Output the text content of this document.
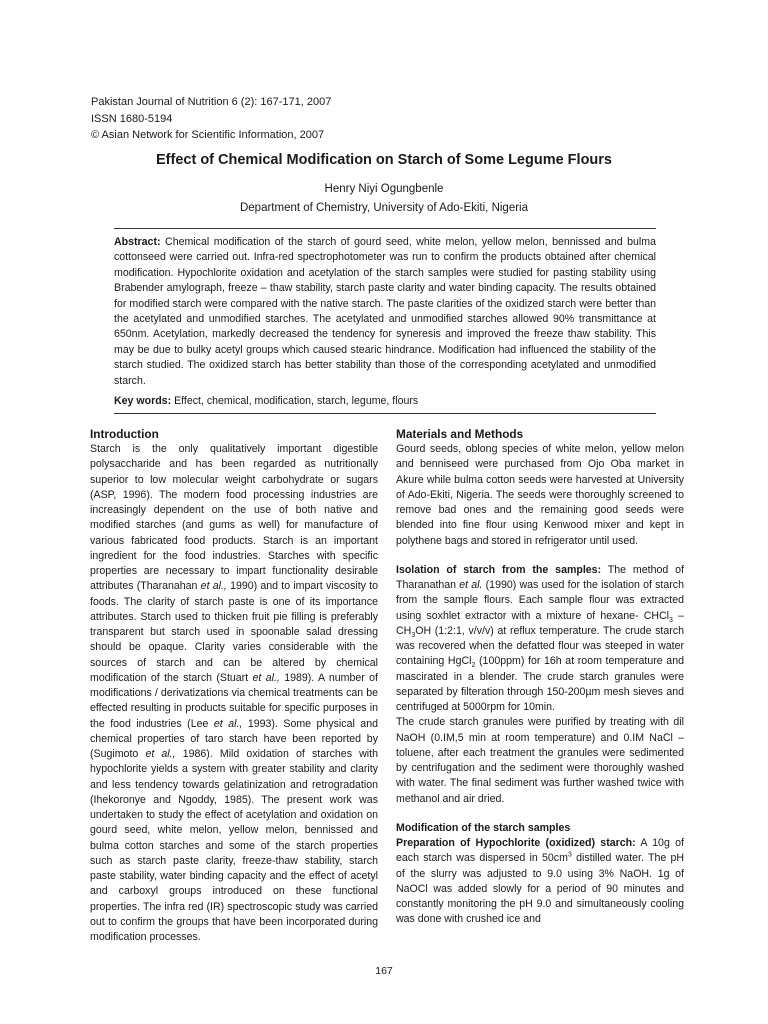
Pakistan Journal of Nutrition 6 (2): 167-171, 2007
ISSN 1680-5194
© Asian Network for Scientific Information, 2007
Effect of Chemical Modification on Starch of Some Legume Flours
Henry Niyi Ogungbenle
Department of Chemistry, University of Ado-Ekiti, Nigeria
Abstract: Chemical modification of the starch of gourd seed, white melon, yellow melon, bennissed and bulma cottonseed were carried out. Infra-red spectrophotometer was run to confirm the products obtained after chemical modification. Hypochlorite oxidation and acetylation of the starch samples were studied for pasting stability using Brabender amylograph, freeze – thaw stability, starch paste clarity and water binding capacity. The results obtained for modified starch were compared with the native starch. The paste clarities of the oxidized starch were better than the acetylated and unmodified starches. The acetylated and unmodified starches allowed 90% transmittance at 650nm. Acetylation, markedly decreased the tendency for syneresis and improved the freeze thaw stability. This may be due to bulky acetyl groups which caused stearic hindrance. Modification had influenced the stability of the starch studied. The oxidized starch has better stability than those of the corresponding acetylated and unmodified starch.
Key words: Effect, chemical, modification, starch, legume, flours
Introduction

Starch is the only qualitatively important digestible polysaccharide and has been regarded as nutritionally superior to low molecular weight carbohydrate or sugars (ASP, 1996). The modern food processing industries are increasingly dependent on the use of both native and modified starches (and gums as well) for manufacture of various fabricated food products. Starch is an important ingredient for the food industries. Starches with specific properties are necessary to impart functionality desirable attributes (Tharanahan et al., 1990) and to impart viscosity to foods. The clarity of starch paste is one of its importance attributes. Starch used to thicken fruit pie filling is preferably transparent but starch used in spoonable salad dressing should be opaque. Clarity varies considerable with the sources of starch and can be altered by chemical modification of the starch (Stuart et al., 1989). A number of modifications / derivatizations via chemical treatments can be effected resulting in products suitable for specific purposes in the food industries (Lee et al., 1993). Some physical and chemical properties of taro starch have been reported by (Sugimoto et al., 1986). Mild oxidation of starches with hypochlorite yields a system with greater stability and clarity and less tendency towards gelatinization and retrogradation (Ihekoronye and Ngoddy, 1985). The present work was undertaken to study the effect of acetylation and oxidation on gourd seed, white melon, yellow melon, bennissed and bulma cotton starches and some of the starch properties such as starch paste clarity, freeze-thaw stability, starch paste stability, water binding capacity and the effect of acetyl and carboxyl groups introduced on these functional properties. The infra red (IR) spectroscopic study was carried out to confirm the groups that have been incorporated during modification processes.

Materials and Methods

Gourd seeds, oblong species of white melon, yellow melon and benniseed were purchased from Ojo Oba market in Akure while bulma cotton seeds were harvested at University of Ado-Ekiti, Nigeria. The seeds were thoroughly screened to remove bad ones and the remaining good seeds were blended into fine flour using Kenwood mixer and kept in polythene bags and stored in refrigerator until used.

Isolation of starch from the samples: The method of Tharanathan et al. (1990) was used for the isolation of starch from the sample flours. Each sample flour was extracted using soxhlet extractor with a mixture of hexane- CHCl$_3$ – $CH_3OH$ (1:2:1, v/v/v) at reflux temperature. The crude starch was recovered when the defatted flour was steeped in water containing HgCl$_2$ (100ppm) for 16h at room temperature and mascirated in a blender. The crude starch granules were separated by filteration through 150-200µm mesh sieves and centrifuged at 5000rpm for 10min.

The crude starch granules were purified by treating with dil NaOH (0.IM,5 min at room temperature) and 0.IM NaCl – toluene, after each treatment the granules were sedimented by centrifugation and the sediment were thoroughly washed with water. The final sediment was further washed twice with methanol and air dried.

Modification of the starch samples

Preparation of Hypochlorite (oxidized) starch: A 10g of each starch was dispersed in $50cm^3$ distilled water. The pH of the slurry was adjusted to 9.0 using 3% NaOH. 1g of NaOCl was added slowly for a period of 90 minutes and constantly monitoring the pH 9.0 and simultaneously cooling was done with crushed ice and

167
